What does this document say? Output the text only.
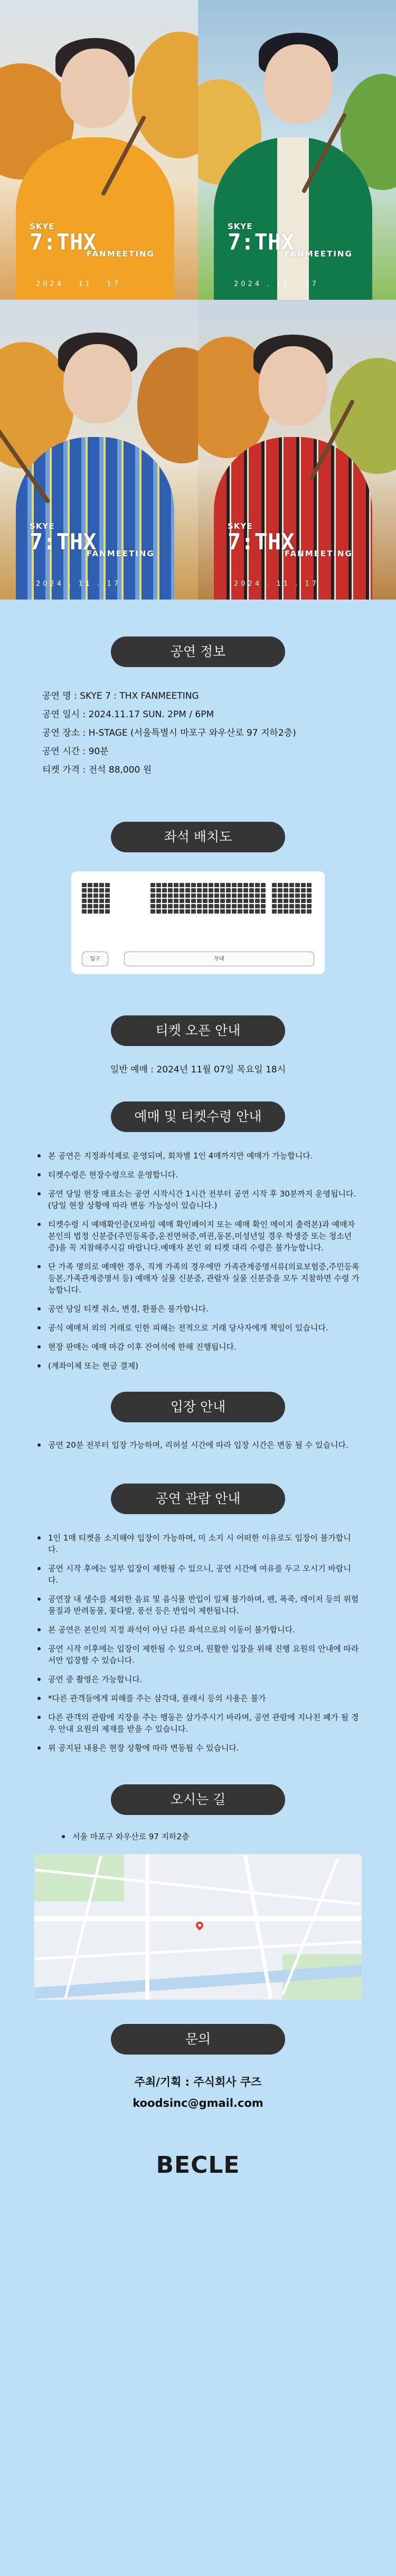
SKYE
7:THX
FANMEETING
2024 . 11 . 17
SKYE
7:THX
FANMEETING
2024 . 11 . 17
SKYE
7:THX
FANMEETING
2024 . 11 . 17
SKYE
7:THX
FANMEETING
2024 . 11 . 17
공연 정보
공연 명 : SKYE 7 : THX FANMEETING
공연 일시 : 2024.11.17 SUN. 2PM / 6PM
공연 장소 : H-STAGE (서울특별시 마포구 와우산로 97 지하2층)
공연 시간 : 90분
티켓 가격 : 전석 88,000 원
좌석 배치도
입구	무대
티켓 오픈 안내
일반 예매 : 2024년 11월 07일 목요일 18시
예매 및 티켓수령 안내
본 공연은 지정좌석제로 운영되며, 회차별 1인 4매까지만 예매가 가능합니다.
티켓수령은 현장수령으로 운영합니다.
공연 당일 현장 매표소는 공연 시작시간 1시간 전부터 공연 시작 후 30분까지 운영됩니다. (당일 현장 상황에 따라 변동 가능성이 있습니다.)
티켓수령 시 예매확인증(모바일 예매 확인페이지 또는 예매 확인 메이지 출력본)과 예매자 본인의 법정 신분증(주민등록증,운전면허증,여권,동본,미성년일 경우 학생증 또는 청소년증)을 꼭 지참해주시길 바랍니다.예매자 본인 외 티켓 대리 수령은 불가능합니다.
단 가족 명의로 예매한 경우, 직계 가족의 경우에만 가족관계증명서류(의료보험증,주민등록등본,가족관계증명서 등) 예매자 실물 신분증, 관람자 실물 신분증을 모두 지참하면 수령 가능합니다.
공연 당일 티켓 취소, 변경, 환불은 불가합니다.
공식 예매처 외의 거래로 인한 피해는 전적으로 거래 당사자에게 책임이 있습니다.
현장 판매는 예매 마감 이후 잔여석에 한해 진행됩니다.
(계좌이체 또는 현금 결제)
입장 안내
공연 20분 전부터 입장 가능하며, 리허설 시간에 따라 입장 시간은 변동 될 수 있습니다.
공연 관람 안내
1인 1매 티켓을 소지해야 입장이 가능하며, 미 소지 시 어떠한 이유로도 입장이 불가합니다.
공연 시작 후에는 일부 입장이 제한될 수 있으니, 공연 시간에 여유를 두고 오시기 바랍니다.
공연장 내 생수를 제외한 음료 및 음식물 반입이 일체 불가하며, 펜, 폭죽, 레이저 등의 위험 물질과 반려동물, 꽃다발, 풍선 등은 반입이 제한됩니다.
본 공연은 본인의 지정 좌석이 아닌 다른 좌석으로의 이동이 불가합니다.
공연 시작 이후에는 입장이 제한될 수 있으며, 원활한 입장을 위해 진행 요원의 안내에 따라서만 입장할 수 있습니다.
공연 중 촬영은 가능합니다.
*다른 관객들에게 피해를 주는 삼각대, 플래시 등의 사용은 불가
다른 관객의 관람에 지장을 주는 행동은 삼가주시기 바라며, 공연 관람에 지나친 폐가 될 경우 안내 요원의 제재를 받을 수 있습니다.
위 공지된 내용은 현장 상황에 따라 변동될 수 있습니다.
오시는 길
서울 마포구 와우산로 97 지하2층
문의
주최/기획 : 주식회사 쿠즈
koodsinc@gmail.com
BECLE
